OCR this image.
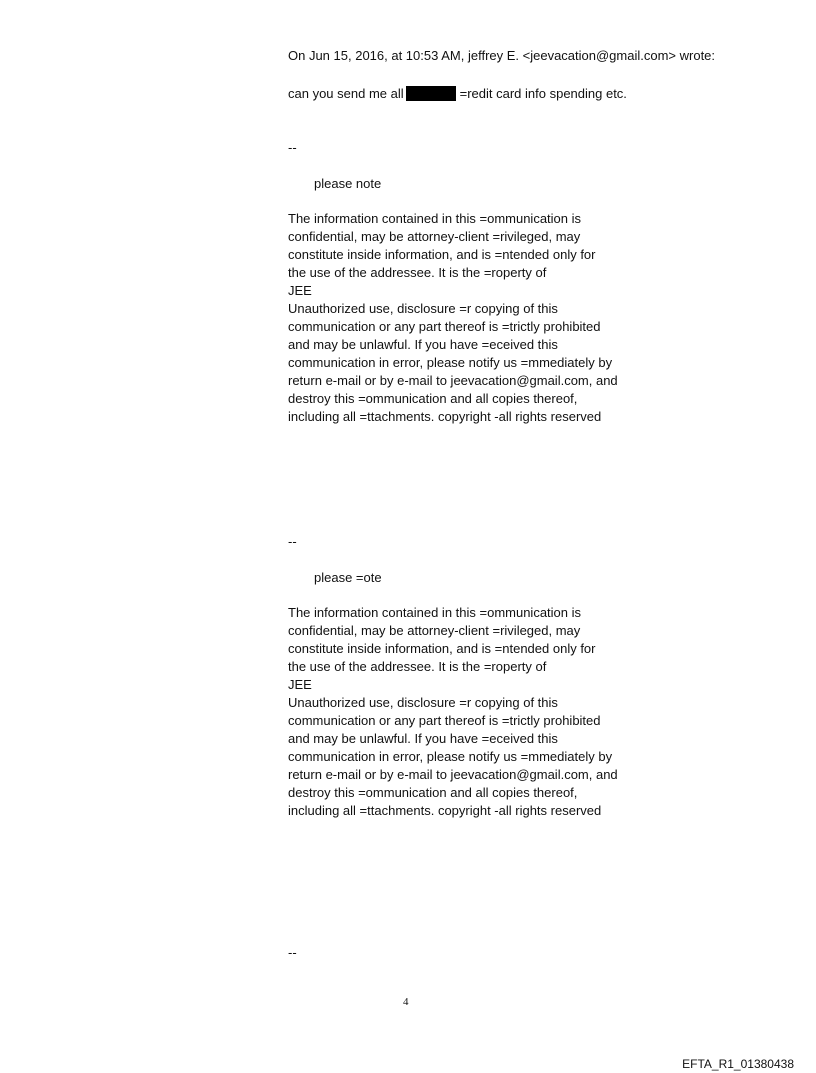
On Jun 15, 2016, at 10:53 AM, jeffrey E. <jeevacation@gmail.com> wrote:
can you send me all	=redit card info spending etc.
--
please note
The information contained in this =ommunication is
confidential, may be attorney-client =rivileged, may
constitute inside information, and is =ntended only for
the use of the addressee. It is the =roperty of
JEE
Unauthorized use, disclosure =r copying of this
communication or any part thereof is =trictly prohibited
and may be unlawful. If you have =eceived this
communication in error, please notify us =mmediately by
return e-mail or by e-mail to jeevacation@gmail.com, and
destroy this =ommunication and all copies thereof,
including all =ttachments. copyright -all rights reserved
--
please =ote
The information contained in this =ommunication is
confidential, may be attorney-client =rivileged, may
constitute inside information, and is =ntended only for
the use of the addressee. It is the =roperty of
JEE
Unauthorized use, disclosure =r copying of this
communication or any part thereof is =trictly prohibited
and may be unlawful. If you have =eceived this
communication in error, please notify us =mmediately by
return e-mail or by e-mail to jeevacation@gmail.com, and
destroy this =ommunication and all copies thereof,
including all =ttachments. copyright -all rights reserved
--
4
EFTA_R1_01380438
